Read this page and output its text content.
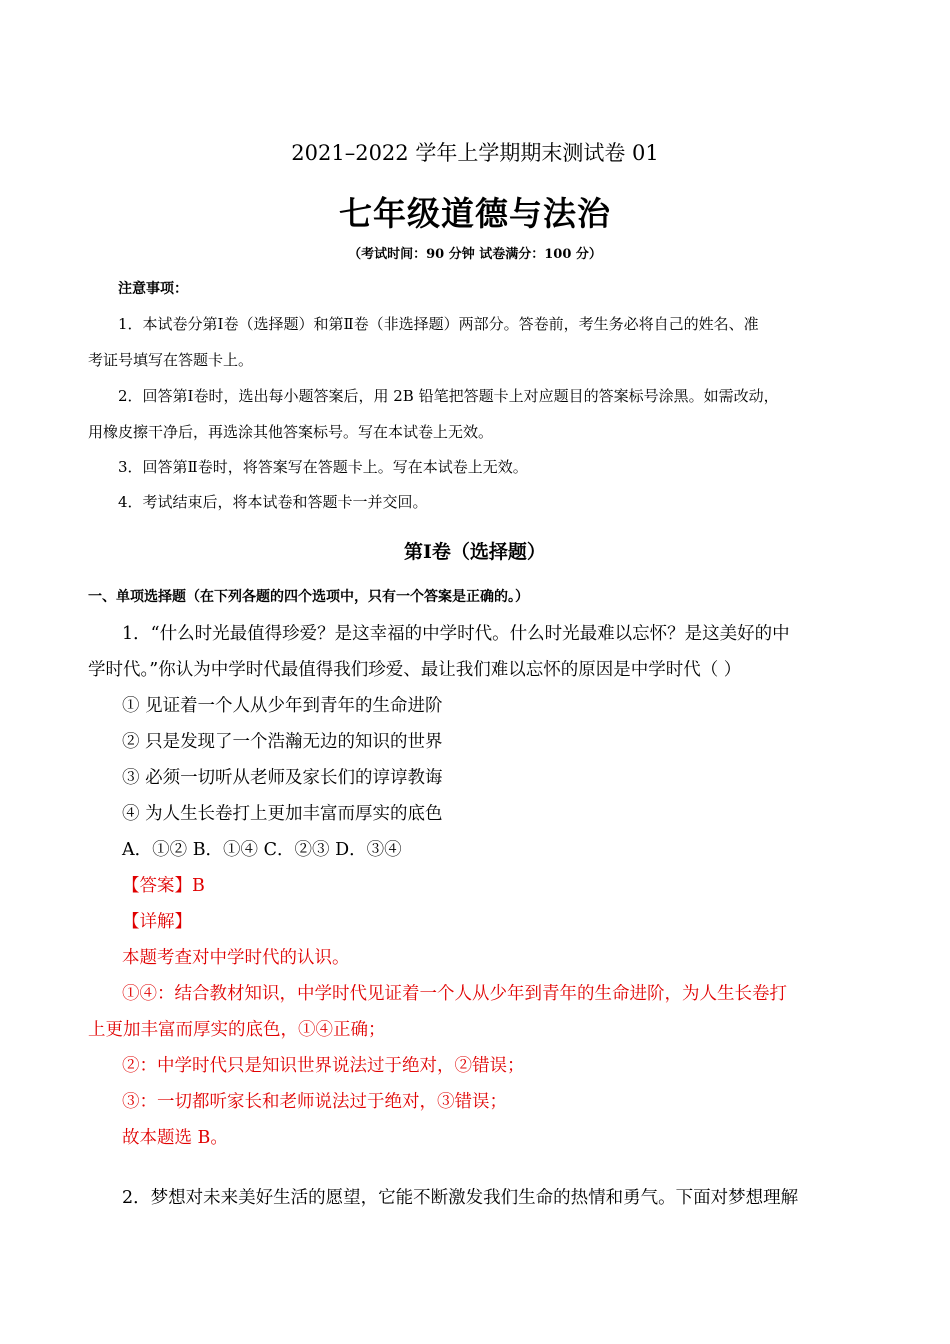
2021–2022 学年上学期期末测试卷 01
七年级道德与法治
（考试时间：90 分钟 试卷满分：100 分）
注意事项：
1．本试卷分第Ⅰ卷（选择题）和第Ⅱ卷（非选择题）两部分。答卷前，考生务必将自己的姓名、准
考证号填写在答题卡上。
2．回答第Ⅰ卷时，选出每小题答案后，用 2B 铅笔把答题卡上对应题目的答案标号涂黑。如需改动，
用橡皮擦干净后，再选涂其他答案标号。写在本试卷上无效。
3．回答第Ⅱ卷时，将答案写在答题卡上。写在本试卷上无效。
4．考试结束后，将本试卷和答题卡一并交回。
第Ⅰ卷（选择题）
一、单项选择题（在下列各题的四个选项中，只有一个答案是正确的。）
1．“什么时光最值得珍爱？是这幸福的中学时代。什么时光最难以忘怀？是这美好的中
学时代。”你认为中学时代最值得我们珍爱、最让我们难以忘怀的原因是中学时代（ ）
① 见证着一个人从少年到青年的生命进阶
② 只是发现了一个浩瀚无边的知识的世界
③ 必须一切听从老师及家长们的谆谆教诲
④ 为人生长卷打上更加丰富而厚实的底色
A．①② B．①④ C．②③ D．③④
【答案】B
【详解】
本题考查对中学时代的认识。
①④：结合教材知识，中学时代见证着一个人从少年到青年的生命进阶，为人生长卷打
上更加丰富而厚实的底色，①④正确；
②：中学时代只是知识世界说法过于绝对，②错误；
③：一切都听家长和老师说法过于绝对，③错误；
故本题选 B。
2．梦想对未来美好生活的愿望，它能不断激发我们生命的热情和勇气。下面对梦想理解
